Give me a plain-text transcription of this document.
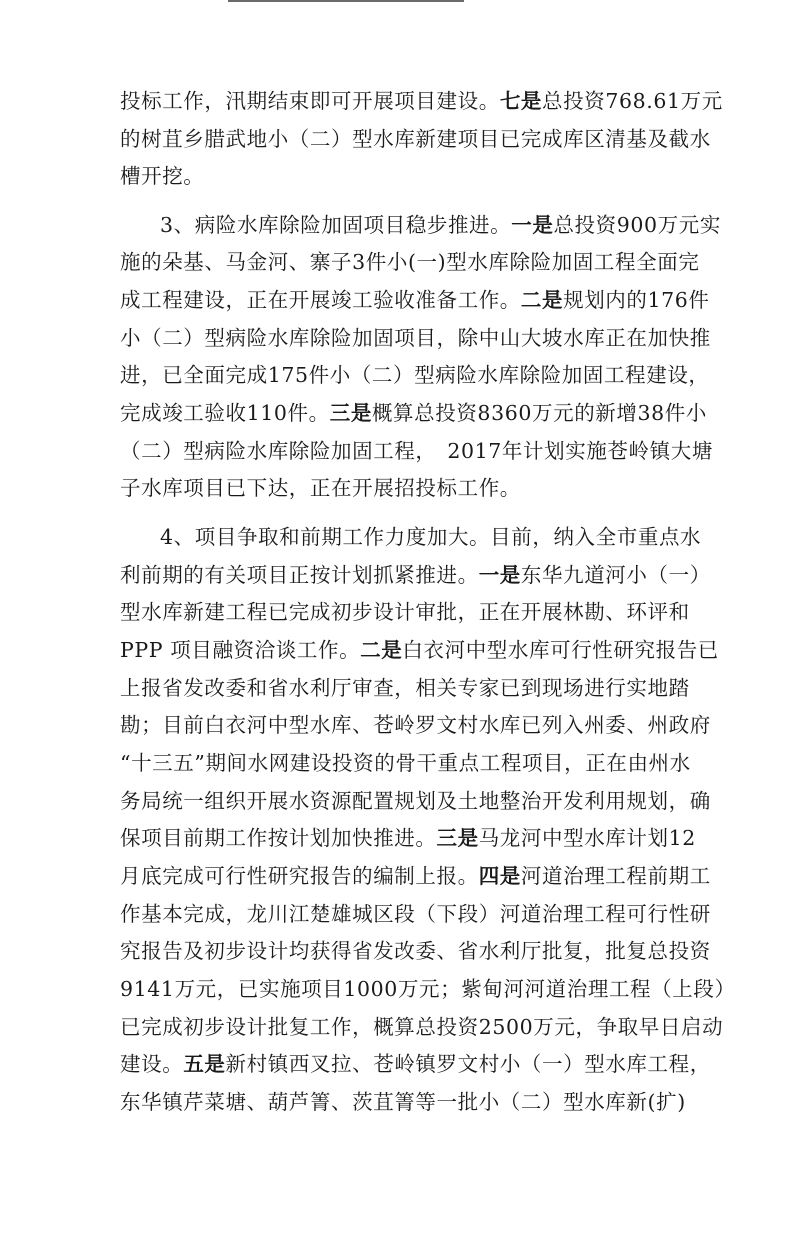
投标工作，汛期结束即可开展项目建设。七是总投资768.61万元
的树苴乡腊武地小（二）型水库新建项目已完成库区清基及截水
槽开挖。
3、病险水库除险加固项目稳步推进。一是总投资900万元实
施的朵基、马金河、寨子3件小(一)型水库除险加固工程全面完
成工程建设，正在开展竣工验收准备工作。二是规划内的176件
小（二）型病险水库除险加固项目，除中山大坡水库正在加快推
进，已全面完成175件小（二）型病险水库除险加固工程建设，
完成竣工验收110件。三是概算总投资8360万元的新增38件小
（二）型病险水库除险加固工程，　2017年计划实施苍岭镇大塘
子水库项目已下达，正在开展招投标工作。
4、项目争取和前期工作力度加大。目前，纳入全市重点水
利前期的有关项目正按计划抓紧推进。一是东华九道河小（一）
型水库新建工程已完成初步设计审批，正在开展林勘、环评和
PPP 项目融资洽谈工作。二是白衣河中型水库可行性研究报告已
上报省发改委和省水利厅审查，相关专家已到现场进行实地踏
勘；目前白衣河中型水库、苍岭罗文村水库已列入州委、州政府
“十三五”期间水网建设投资的骨干重点工程项目，正在由州水
务局统一组织开展水资源配置规划及土地整治开发利用规划，确
保项目前期工作按计划加快推进。三是马龙河中型水库计划12
月底完成可行性研究报告的编制上报。四是河道治理工程前期工
作基本完成，龙川江楚雄城区段（下段）河道治理工程可行性研
究报告及初步设计均获得省发改委、省水利厅批复，批复总投资
9141万元，已实施项目1000万元；紫甸河河道治理工程（上段）
已完成初步设计批复工作，概算总投资2500万元，争取早日启动
建设。五是新村镇西叉拉、苍岭镇罗文村小（一）型水库工程，
东华镇芹菜塘、葫芦箐、茨苴箐等一批小（二）型水库新(扩)
